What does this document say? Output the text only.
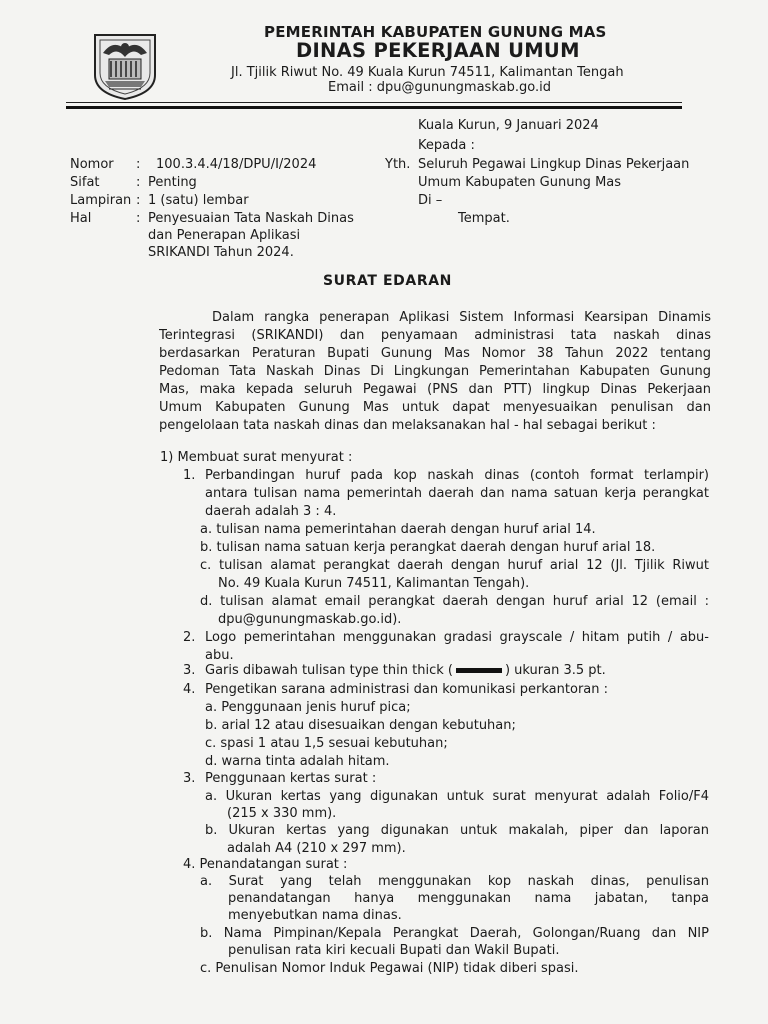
PEMERINTAH KABUPATEN GUNUNG MAS
DINAS PEKERJAAN UMUM
Jl. Tjilik Riwut No. 49 Kuala Kurun 74511, Kalimantan Tengah
Email : dpu@gunungmaskab.go.id
Kuala Kurun, 9 Januari 2024
Kepada :
Yth. Seluruh Pegawai Lingkup Dinas Pekerjaan
Umum Kabupaten Gunung Mas
Di –
Tempat.
Nomor : 100.3.4.4/18/DPU/I/2024
Sifat	: Penting
Lampiran : 1 (satu) lembar
Hal	: Penyesuaian Tata Naskah Dinas
dan Penerapan Aplikasi
SRIKANDI Tahun 2024.
SURAT EDARAN
Dalam rangka penerapan Aplikasi Sistem Informasi Kearsipan Dinamis
Terintegrasi (SRIKANDI) dan penyamaan administrasi tata naskah dinas
berdasarkan Peraturan Bupati Gunung Mas Nomor 38 Tahun 2022 tentang
Pedoman Tata Naskah Dinas Di Lingkungan Pemerintahan Kabupaten Gunung
Mas, maka kepada seluruh Pegawai (PNS dan PTT) lingkup Dinas Pekerjaan
Umum Kabupaten Gunung Mas untuk dapat menyesuaikan penulisan dan
pengelolaan tata naskah dinas dan melaksanakan hal - hal sebagai berikut :
1) Membuat surat menyurat :
1. Perbandingan huruf pada kop naskah dinas (contoh format terlampir)
antara tulisan nama pemerintah daerah dan nama satuan kerja perangkat
daerah adalah 3 : 4.
a. tulisan nama pemerintahan daerah dengan huruf arial 14.
b. tulisan nama satuan kerja perangkat daerah dengan huruf arial 18.
c. tulisan alamat perangkat daerah dengan huruf arial 12 (Jl. Tjilik Riwut
No. 49 Kuala Kurun 74511, Kalimantan Tengah).
d. tulisan alamat email perangkat daerah dengan huruf arial 12 (email :
dpu@gunungmaskab.go.id).
2. Logo pemerintahan menggunakan gradasi grayscale / hitam putih / abu-
abu.
3. Garis dibawah tulisan type thin thick (	) ukuran 3.5 pt.
4. Pengetikan sarana administrasi dan komunikasi perkantoran :
a. Penggunaan jenis huruf pica;
b. arial 12 atau disesuaikan dengan kebutuhan;
c. spasi 1 atau 1,5 sesuai kebutuhan;
d. warna tinta adalah hitam.
3. Penggunaan kertas surat :
a. Ukuran kertas yang digunakan untuk surat menyurat adalah Folio/F4
(215 x 330 mm).
b. Ukuran kertas yang digunakan untuk makalah, piper dan laporan
adalah A4 (210 x 297 mm).
4. Penandatangan surat :
a. Surat yang telah menggunakan kop naskah dinas, penulisan
penandatangan hanya menggunakan nama jabatan, tanpa
menyebutkan nama dinas.
b. Nama Pimpinan/Kepala Perangkat Daerah, Golongan/Ruang dan NIP
penulisan rata kiri kecuali Bupati dan Wakil Bupati.
c. Penulisan Nomor Induk Pegawai (NIP) tidak diberi spasi.
